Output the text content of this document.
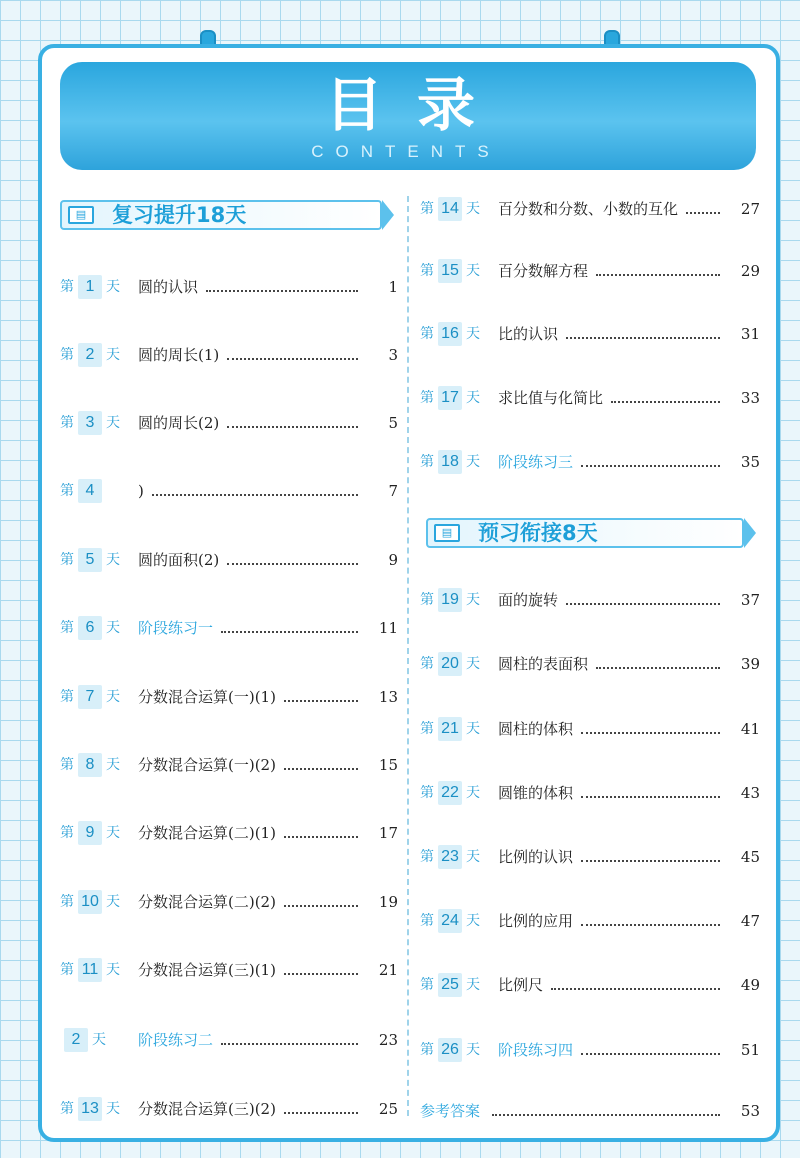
目录
CONTENTS
▤	复习提升18天
第 1 天	圆的认识	1
第 2 天	圆的周长(1)	3
第 3 天	圆的周长(2)	5
第 4	)	7
第 5 天	圆的面积(2)	9
第 6 天	阶段练习一	11
第 7 天	分数混合运算(一)(1)	13
第 8 天	分数混合运算(一)(2)	15
第 9 天	分数混合运算(二)(1)	17
第 10 天	分数混合运算(二)(2)	19
第 11 天	分数混合运算(三)(1)	21
2 天	阶段练习二	23
第 13 天	分数混合运算(三)(2)	25
第 14 天	百分数和分数、小数的互化	27
第 15 天	百分数解方程	29
第 16 天	比的认识	31
第 17 天	求比值与化简比	33
第 18 天	阶段练习三	35
▤	预习衔接8天
第 19 天	面的旋转	37
第 20 天	圆柱的表面积	39
第 21 天	圆柱的体积	41
第 22 天	圆锥的体积	43
第 23 天	比例的认识	45
第 24 天	比例的应用	47
第 25 天	比例尺	49
第 26 天	阶段练习四	51
参考答案	53
